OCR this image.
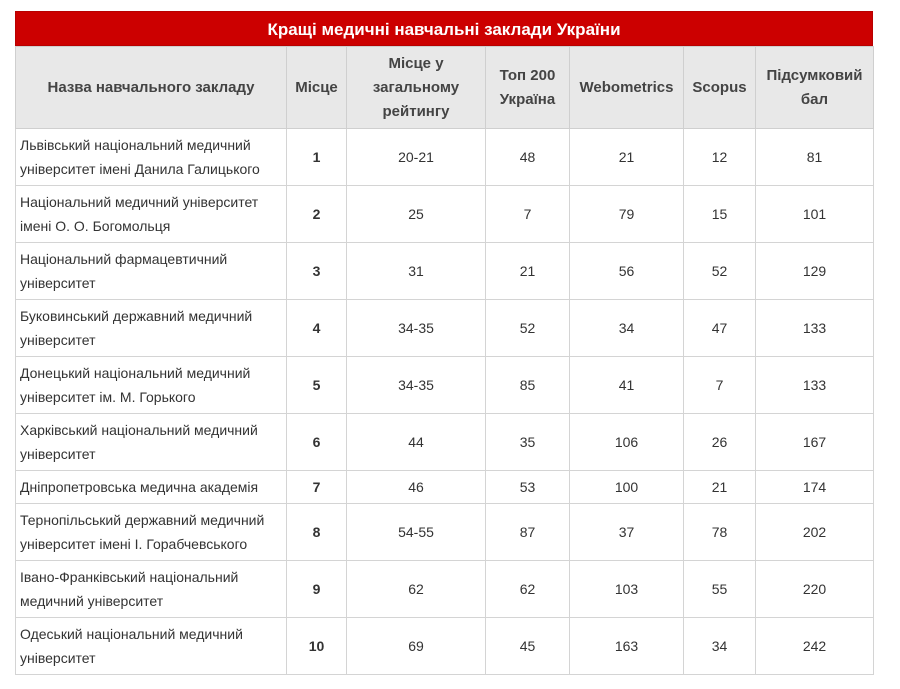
Кращі медичні навчальні заклади України
Назва навчального закладу	Місце	Місце у загальному рейтингу	Топ 200 Україна	Webometrics	Scopus	Підсумковий бал
Львівський національний медичний університет імені Данила Галицького	1	20-21	48	21	12	81
Національний медичний університет імені О. О. Богомольця	2	25	7	79	15	101
Національний фармацевтичний університет	3	31	21	56	52	129
Буковинський державний медичний університет	4	34-35	52	34	47	133
Донецький національний медичний університет ім. М. Горького	5	34-35	85	41	7	133
Харківський національний медичний університет	6	44	35	106	26	167
Дніпропетровська медична академія	7	46	53	100	21	174
Тернопільський державний медичний університет імені І. Горабчевського	8	54-55	87	37	78	202
Івано-Франківський національний медичний університет	9	62	62	103	55	220
Одеський національний медичний університет	10	69	45	163	34	242
